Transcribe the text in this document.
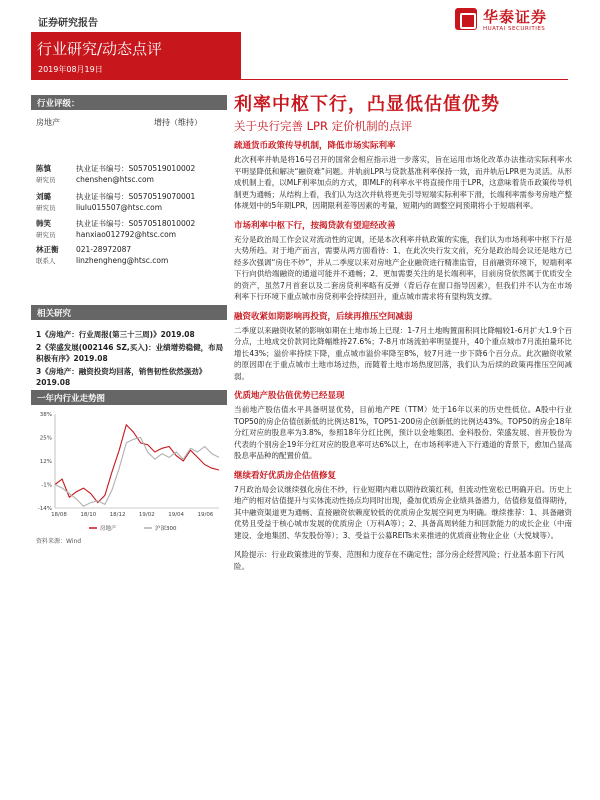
证券研究报告	华泰证券
HUATAI SECURITIES
行业研究/动态点评
2019年08月19日
利率中枢下行，凸显低估值优势
关于央行完善 LPR 定价机制的点评
行业评级：
房地产	增持（维持）
陈慎
研究员
执业证书编号：S0570519010002
chenshen@htsc.com
刘璐
研究员
执业证书编号：S0570519070001
liulu015507@htsc.com
韩笑
研究员
执业证书编号：S0570518010002
hanxiao012792@htsc.com
林正衡
联系人
021-28972087
linzhengheng@htsc.com
相关研究

1《房地产：行业周报(第三十三周)》2019.08

2《荣盛发展(002146 SZ,买入)：业绩增势稳健，布局积极有序》2019.08

3《房地产：融资投资均回落，销售韧性依然强劲》2019.08

一年内行业走势图
38%
25%
12%
-1%
-14%
18/08 18/10 18/12 19/02 19/04 19/06
房地产	沪深300
资料来源：Wind
疏通货币政策传导机制，降低市场实际利率
此次利率并轨是将16号召开的国常会相应指示进一步落实，旨在运用市场化改革办法推动实际利率水平明显降低和解决“融资难”问题。并轨前LPR与贷款基准利率保持一致，而并轨后LPR更为灵活。从形成机制上看，以MLF利率加点的方式，即MLF的利率水平将直接作用于LPR，这意味着货币政策传导机制更为通畅；从结构上看，我们认为这次并轨将更先引导短端实际利率下滑，长端利率需参考房地产整体规划中的5年期LPR，因期限利差等因素的考量，短期内的调整空间预期将小于短端利率。
市场利率中枢下行，按揭贷款有望迎经改善
充分是政治局工作会议对流动性的定调，还是本次利率并轨政策的实施，我们认为市场利率中枢下行是大势所趋。对于地产而言，需要从两方面看待：1、在此次央行发文前，充分是政治局会议还是地方已经多次强调“房住不炒”，并从二季度以来对房地产企业融资进行精准监管，目前融资环境下，短端利率下行向供给端融资的通道可能并不通畅；2、更加需要关注的是长端利率，目前房贷依然属于优质安全的资产，虽然7月首套以及二套房贷利率略有反弹（背后存在窗口指导因素），但我们并不认为在市场利率下行环境下重点城市房贷利率会持续回升，重点城市需求将有望构筑支撑。
融资收紧如期影响再投资，后续再推压空间减弱
二季度以来融资收紧的影响如期在土地市场上已现：1-7月土地购置面积同比降幅较1-6月扩大1.9个百分点，土地成交价款同比降幅维持27.6%；7-8月市场流拍率明显提升，40个重点城市7月流拍量环比增长43%；溢价率持续下降，重点城市溢价率降至8%，较7月进一步下降6个百分点。此次融资收紧的原因即在于重点城市土地市场过热，而随着土地市场热度回落，我们认为后续的政策再推压空间减弱。
优质地产股估值优势已经显现
当前地产股估值水平具备明显优势，目前地产PE（TTM）处于16年以来的历史性低位。A股中行业TOP50的房企估值创新低的比例达81%，TOP51-200房企创新低的比例达43%。TOP50的房企18年分红对应的股息率为3.8%，参照18年分红比例，预计以金地集团、金科股份、荣盛发展、首开股份为代表的个别房企19年分红对应的股息率可达6%以上，在市场利率进入下行通道的背景下，愈加凸显高股息率品种的配置价值。
继续看好优质房企估值修复
7月政治局会议继续强化房住不炒，行业短期内难以期待政策红利，但流动性宽松已明确开启。历史上地产的相对估值提升与实体流动性扬点均同时出现，叠加优质房企业绩具备潜力，估值修复值得期待，其中融资渠道更为通畅、直接融资依赖度较低的优质房企发展空间更为明确。继续推荐：1、具备融资优势且受益于核心城市发展的优质房企（万科A等）；2、具备高周转能力和回款能力的成长企业（中南建设、金地集团、华发股份等）；3、受益于公募REITs未来推进的优质商业物业企业（大悦城等）。
风险提示：行业政策推进的节奏、范围和力度存在不确定性；部分房企经营风险；行业基本面下行风险。
